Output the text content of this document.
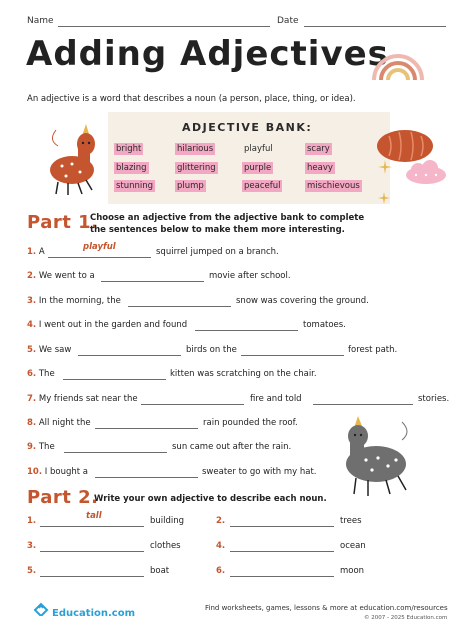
Name	Date
Adding Adjectives
An adjective is a word that describes a noun (a person, place, thing, or idea).
ADJECTIVE BANK:
bright	hilarious	playful	scary
blazing	glittering	purple	heavy
stunning	plump	peaceful	mischievous
Part 1.
Choose an adjective from the adjective bank to complete
the sentences below to make them more interesting.
1. A	playful	squirrel jumped on a branch.
2. We went to a	movie after school.
3. In the morning, the	snow was covering the ground.
4. I went out in the garden and found	tomatoes.
5. We saw	birds on the	forest path.
6. The	kitten was scratching on the chair.
7. My friends sat near the	fire and told	stories.
8. All night the	rain pounded the roof.
9. The	sun came out after the rain.
10. I bought a	sweater to go with my hat.
Part 2.
Write your own adjective to describe each noun.
1.	tall	building	2.	trees
3.	clothes	4.	ocean
5.	boat	6.	moon
Education.com	Find worksheets, games, lessons & more at education.com/resources
© 2007 - 2025 Education.com
